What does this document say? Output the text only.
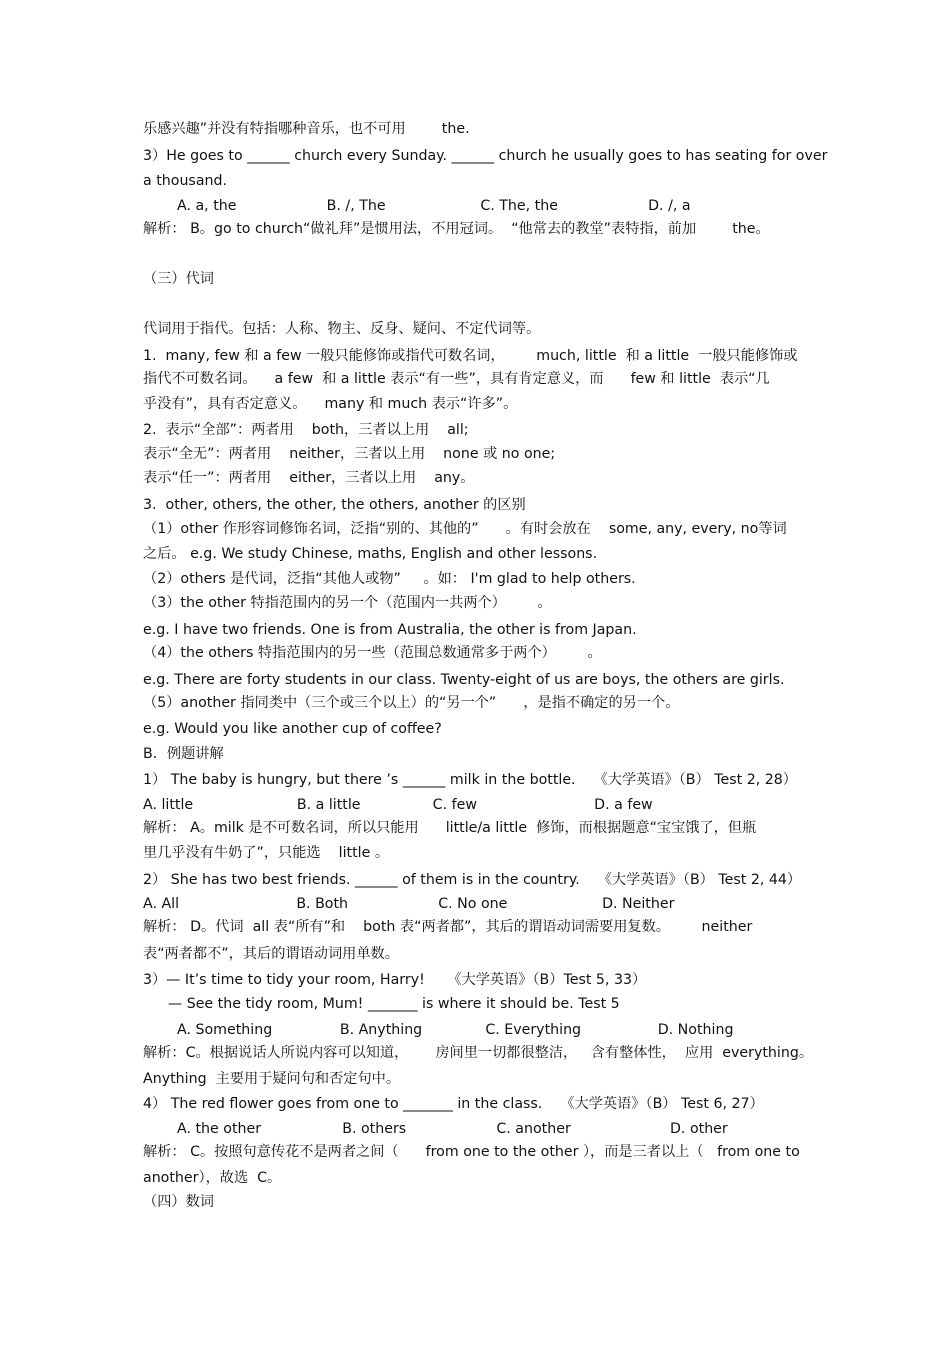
乐感兴趣”并没有特指哪种音乐，也不可用        the.
3）He goes to ______ church every Sunday. ______ church he usually goes to has seating for over
a thousand.
A. a, the                    B. /, The                     C. The, the                    D. /, a
解析： B。go to church“做礼拜”是惯用法，不用冠词。  “他常去的教堂”表特指，前加        the。
（三）代词
代词用于指代。包括：人称、物主、反身、疑问、不定代词等。
1.  many, few 和 a few 一般只能修饰或指代可数名词，       much, little  和 a little  一般只能修饰或
指代不可数名词。    a few  和 a little 表示“有一些”，具有肯定意义，而      few 和 little  表示“几
乎没有”，具有否定意义。    many 和 much 表示“许多”。
2.  表示“全部”：两者用    both，三者以上用    all;
表示“全无”：两者用    neither，三者以上用    none 或 no one;
表示“任一”：两者用    either，三者以上用    any。
3.  other, others, the other, the others, another 的区别
（1）other 作形容词修饰名词，泛指“别的、其他的”      。有时会放在    some, any, every, no等词
之后。 e.g. We study Chinese, maths, English and other lessons.
（2）others 是代词，泛指“其他人或物”     。如： I'm glad to help others.
（3）the other 特指范围内的另一个（范围内一共两个）       。
e.g. I have two friends. One is from Australia, the other is from Japan.
（4）the others 特指范围内的另一些（范围总数通常多于两个）       。
e.g. There are forty students in our class. Twenty-eight of us are boys, the others are girls.
（5）another 指同类中（三个或三个以上）的“另一个”      ，是指不确定的另一个。
e.g. Would you like another cup of coffee?
B．例题讲解
1） The baby is hungry, but there ’s ______ milk in the bottle.    《大学英语》（B） Test 2, 28）
A. little                       B. a little                C. few                          D. a few
解析： A。milk 是不可数名词，所以只能用      little/a little  修饰，而根据题意“宝宝饿了，但瓶
里几乎没有牛奶了”，只能选    little 。
2） She has two best friends. ______ of them is in the country.    《大学英语》（B） Test 2, 44）
A. All                          B. Both                    C. No one                     D. Neither
解析： D。代词  all 表“所有”和    both 表“两者都”，其后的谓语动词需要用复数。       neither
表“两者都不”，其后的谓语动词用单数。
3）— It’s time to tidy your room, Harry!     《大学英语》（B）Test 5, 33）
— See the tidy room, Mum! _______ is where it should be. Test 5
A. Something               B. Anything              C. Everything                 D. Nothing
解析：C。根据说话人所说内容可以知道，      房间里一切都很整洁，   含有整体性，  应用  everything。
Anything  主要用于疑问句和否定句中。
4） The red flower goes from one to _______ in the class.    《大学英语》（B） Test 6, 27）
A. the other                  B. others                    C. another                      D. other
解析： C。按照句意传花不是两者之间（      from one to the other ），而是三者以上（   from one to
another），故选  C。
（四）数词
